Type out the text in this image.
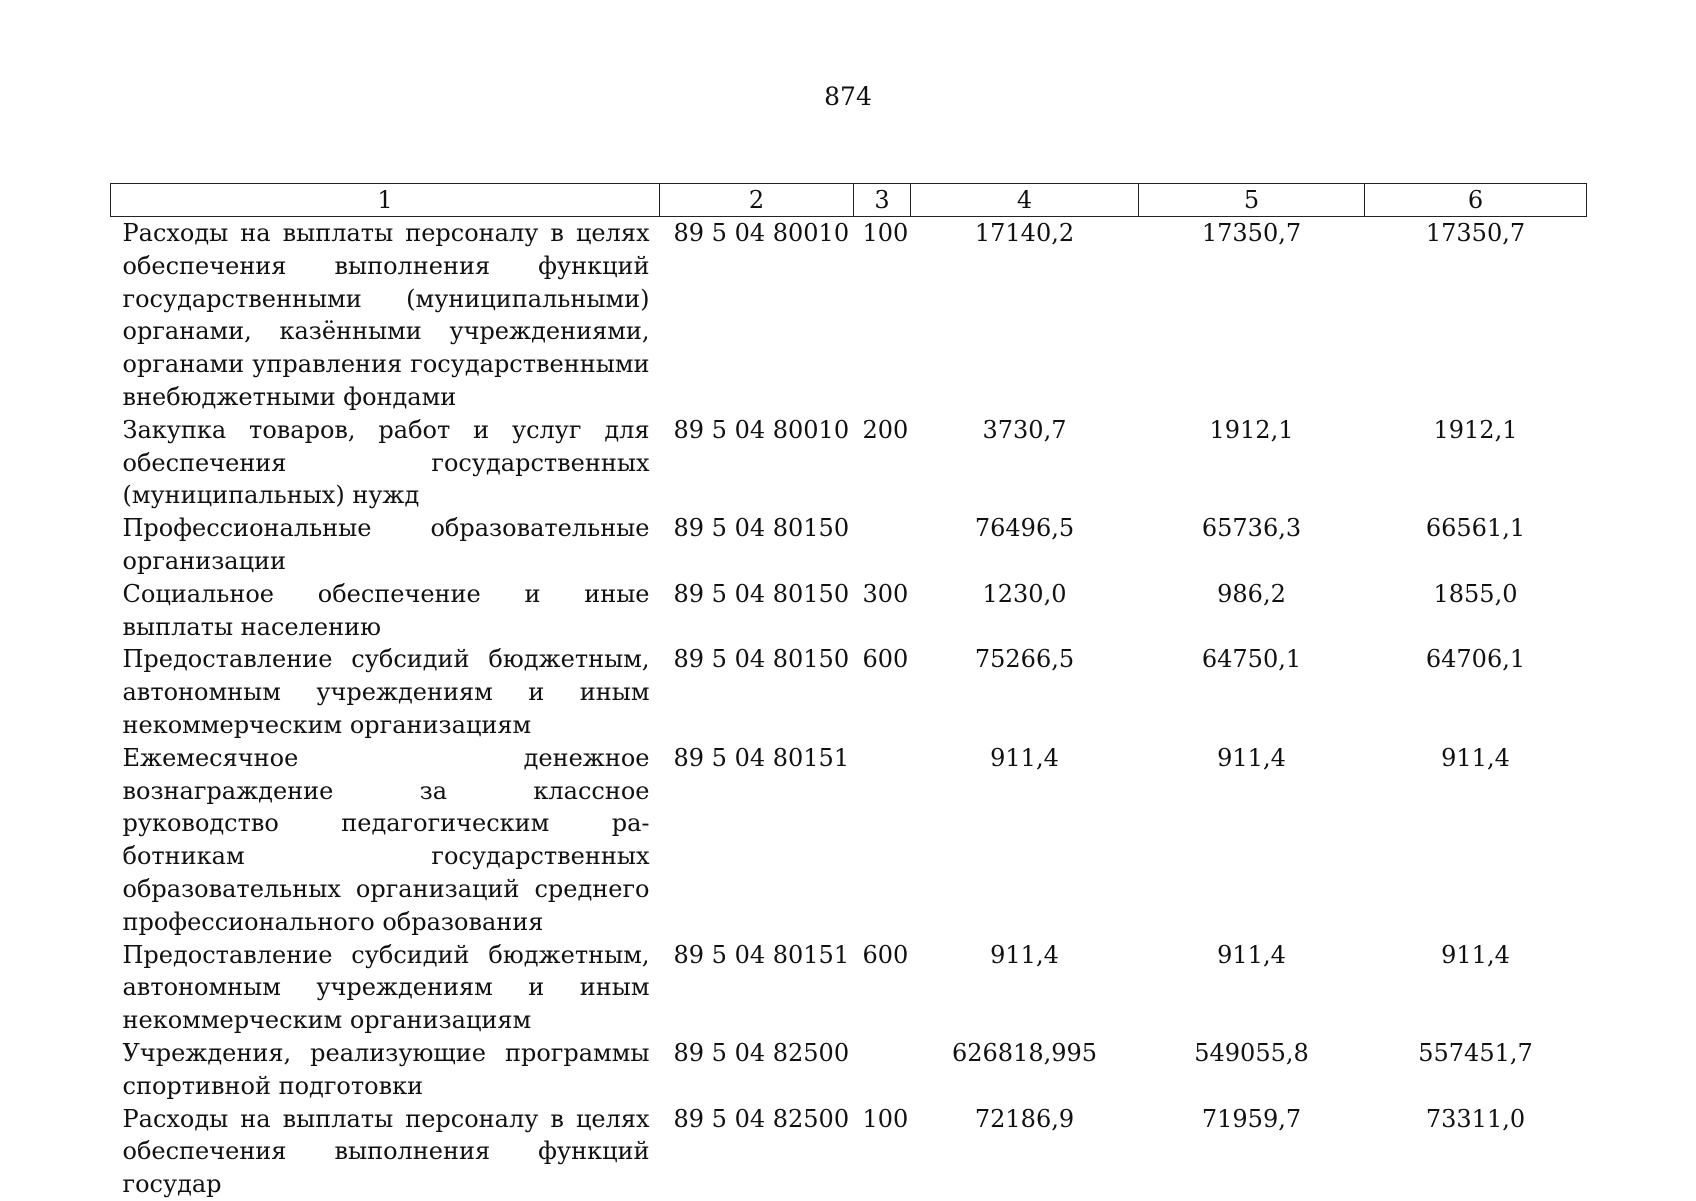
874
1	2	3	4	5	6
Расходы на выплаты персоналу в целях обеспечения выполнения функций государственными (муниципальными) органами, казёнными учреждениями, органами управления государственными внебюджетными фондами	89 5 04 80010	100	17140,2	17350,7	17350,7
Закупка товаров, работ и услуг для обеспечения государственных (муниципальных) нужд	89 5 04 80010	200	3730,7	1912,1	1912,1
Профессиональные образовательные организации	89 5 04 80150		76496,5	65736,3	66561,1
Социальное обеспечение и иные выплаты населению	89 5 04 80150	300	1230,0	986,2	1855,0
Предоставление субсидий бюджетным, автономным учреждениям и иным некоммерческим организациям	89 5 04 80150	600	75266,5	64750,1	64706,1
Ежемесячное денежное вознаграждение за классное руководство педагогическим работникам государственных образовательных организаций среднего профессионального образования	89 5 04 80151		911,4	911,4	911,4
Предоставление субсидий бюджетным, автономным учреждениям и иным некоммерческим организациям	89 5 04 80151	600	911,4	911,4	911,4
Учреждения, реализующие программы спортивной подготовки	89 5 04 82500		626818,995	549055,8	557451,7
Расходы на выплаты персоналу в целях обеспечения выполнения функций государ	89 5 04 82500	100	72186,9	71959,7	73311,0
